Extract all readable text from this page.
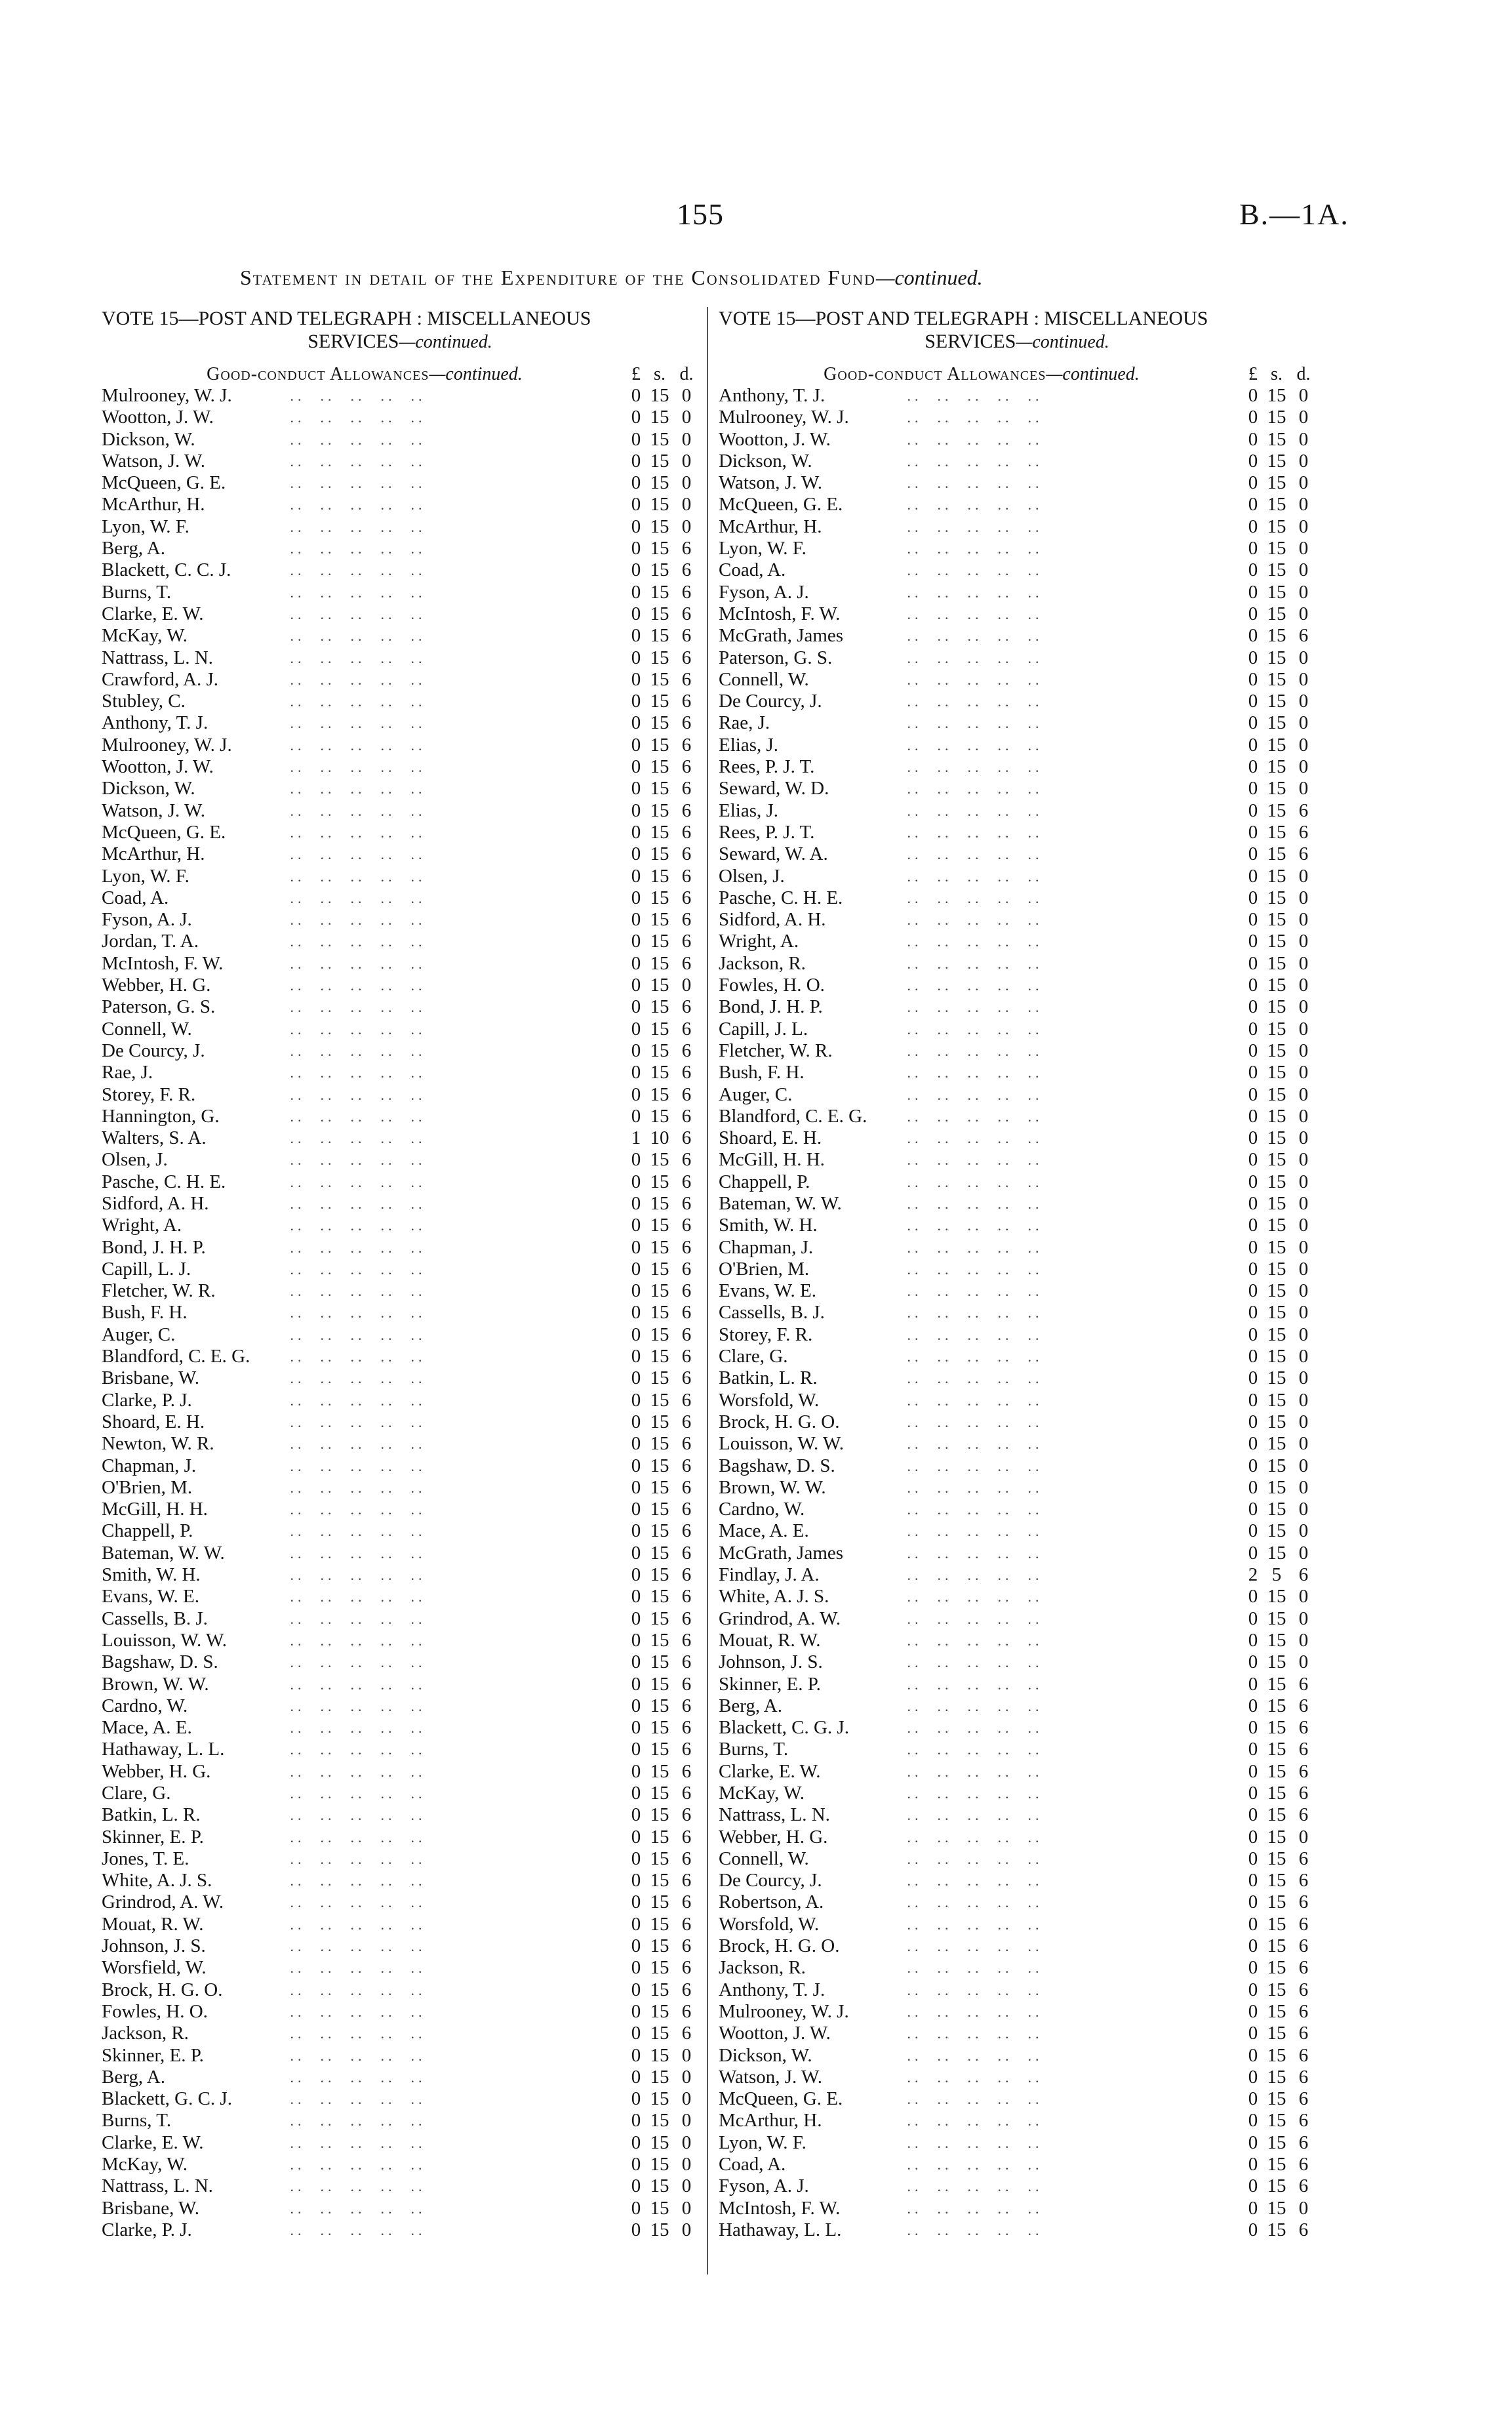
155	B.—1A.
Statement in detail of the Expenditure of the Consolidated Fund—continued.
VOTE 15—POST AND TELEGRAPH : MISCELLANEOUS
SERVICES—continued.
Good-conduct Allowances—continued.	£ s. d.
Mulrooney, W. J.	..  ..  ..  ..  ..	0 15 0
Wootton, J. W.	..  ..  ..  ..  ..	0 15 0
Dickson, W.	..  ..  ..  ..  ..	0 15 0
Watson, J. W.	..  ..  ..  ..  ..	0 15 0
McQueen, G. E.	..  ..  ..  ..  ..	0 15 0
McArthur, H.	..  ..  ..  ..  ..	0 15 0
Lyon, W. F.	..  ..  ..  ..  ..	0 15 0
Berg, A.	..  ..  ..  ..  ..	0 15 6
Blackett, C. C. J.	..  ..  ..  ..  ..	0 15 6
Burns, T.	..  ..  ..  ..  ..	0 15 6
Clarke, E. W.	..  ..  ..  ..  ..	0 15 6
McKay, W.	..  ..  ..  ..  ..	0 15 6
Nattrass, L. N.	..  ..  ..  ..  ..	0 15 6
Crawford, A. J.	..  ..  ..  ..  ..	0 15 6
Stubley, C.	..  ..  ..  ..  ..	0 15 6
Anthony, T. J.	..  ..  ..  ..  ..	0 15 6
Mulrooney, W. J.	..  ..  ..  ..  ..	0 15 6
Wootton, J. W.	..  ..  ..  ..  ..	0 15 6
Dickson, W.	..  ..  ..  ..  ..	0 15 6
Watson, J. W.	..  ..  ..  ..  ..	0 15 6
McQueen, G. E.	..  ..  ..  ..  ..	0 15 6
McArthur, H.	..  ..  ..  ..  ..	0 15 6
Lyon, W. F.	..  ..  ..  ..  ..	0 15 6
Coad, A.	..  ..  ..  ..  ..	0 15 6
Fyson, A. J.	..  ..  ..  ..  ..	0 15 6
Jordan, T. A.	..  ..  ..  ..  ..	0 15 6
McIntosh, F. W.	..  ..  ..  ..  ..	0 15 6
Webber, H. G.	..  ..  ..  ..  ..	0 15 0
Paterson, G. S.	..  ..  ..  ..  ..	0 15 6
Connell, W.	..  ..  ..  ..  ..	0 15 6
De Courcy, J.	..  ..  ..  ..  ..	0 15 6
Rae, J.	..  ..  ..  ..  ..	0 15 6
Storey, F. R.	..  ..  ..  ..  ..	0 15 6
Hannington, G.	..  ..  ..  ..  ..	0 15 6
Walters, S. A.	..  ..  ..  ..  ..	1 10 6
Olsen, J.	..  ..  ..  ..  ..	0 15 6
Pasche, C. H. E.	..  ..  ..  ..  ..	0 15 6
Sidford, A. H.	..  ..  ..  ..  ..	0 15 6
Wright, A.	..  ..  ..  ..  ..	0 15 6
Bond, J. H. P.	..  ..  ..  ..  ..	0 15 6
Capill, L. J.	..  ..  ..  ..  ..	0 15 6
Fletcher, W. R.	..  ..  ..  ..  ..	0 15 6
Bush, F. H.	..  ..  ..  ..  ..	0 15 6
Auger, C.	..  ..  ..  ..  ..	0 15 6
Blandford, C. E. G.	..  ..  ..  ..  ..	0 15 6
Brisbane, W.	..  ..  ..  ..  ..	0 15 6
Clarke, P. J.	..  ..  ..  ..  ..	0 15 6
Shoard, E. H.	..  ..  ..  ..  ..	0 15 6
Newton, W. R.	..  ..  ..  ..  ..	0 15 6
Chapman, J.	..  ..  ..  ..  ..	0 15 6
O'Brien, M.	..  ..  ..  ..  ..	0 15 6
McGill, H. H.	..  ..  ..  ..  ..	0 15 6
Chappell, P.	..  ..  ..  ..  ..	0 15 6
Bateman, W. W.	..  ..  ..  ..  ..	0 15 6
Smith, W. H.	..  ..  ..  ..  ..	0 15 6
Evans, W. E.	..  ..  ..  ..  ..	0 15 6
Cassells, B. J.	..  ..  ..  ..  ..	0 15 6
Louisson, W. W.	..  ..  ..  ..  ..	0 15 6
Bagshaw, D. S.	..  ..  ..  ..  ..	0 15 6
Brown, W. W.	..  ..  ..  ..  ..	0 15 6
Cardno, W.	..  ..  ..  ..  ..	0 15 6
Mace, A. E.	..  ..  ..  ..  ..	0 15 6
Hathaway, L. L.	..  ..  ..  ..  ..	0 15 6
Webber, H. G.	..  ..  ..  ..  ..	0 15 6
Clare, G.	..  ..  ..  ..  ..	0 15 6
Batkin, L. R.	..  ..  ..  ..  ..	0 15 6
Skinner, E. P.	..  ..  ..  ..  ..	0 15 6
Jones, T. E.	..  ..  ..  ..  ..	0 15 6
White, A. J. S.	..  ..  ..  ..  ..	0 15 6
Grindrod, A. W.	..  ..  ..  ..  ..	0 15 6
Mouat, R. W.	..  ..  ..  ..  ..	0 15 6
Johnson, J. S.	..  ..  ..  ..  ..	0 15 6
Worsfield, W.	..  ..  ..  ..  ..	0 15 6
Brock, H. G. O.	..  ..  ..  ..  ..	0 15 6
Fowles, H. O.	..  ..  ..  ..  ..	0 15 6
Jackson, R.	..  ..  ..  ..  ..	0 15 6
Skinner, E. P.	..  ..  ..  ..  ..	0 15 0
Berg, A.	..  ..  ..  ..  ..	0 15 0
Blackett, G. C. J.	..  ..  ..  ..  ..	0 15 0
Burns, T.	..  ..  ..  ..  ..	0 15 0
Clarke, E. W.	..  ..  ..  ..  ..	0 15 0
McKay, W.	..  ..  ..  ..  ..	0 15 0
Nattrass, L. N.	..  ..  ..  ..  ..	0 15 0
Brisbane, W.	..  ..  ..  ..  ..	0 15 0
Clarke, P. J.	..  ..  ..  ..  ..	0 15 0
VOTE 15—POST AND TELEGRAPH : MISCELLANEOUS
SERVICES—continued.
Good-conduct Allowances—continued.	£ s. d.
Anthony, T. J.	..  ..  ..  ..  ..	0 15 0
Mulrooney, W. J.	..  ..  ..  ..  ..	0 15 0
Wootton, J. W.	..  ..  ..  ..  ..	0 15 0
Dickson, W.	..  ..  ..  ..  ..	0 15 0
Watson, J. W.	..  ..  ..  ..  ..	0 15 0
McQueen, G. E.	..  ..  ..  ..  ..	0 15 0
McArthur, H.	..  ..  ..  ..  ..	0 15 0
Lyon, W. F.	..  ..  ..  ..  ..	0 15 0
Coad, A.	..  ..  ..  ..  ..	0 15 0
Fyson, A. J.	..  ..  ..  ..  ..	0 15 0
McIntosh, F. W.	..  ..  ..  ..  ..	0 15 0
McGrath, James	..  ..  ..  ..  ..	0 15 6
Paterson, G. S.	..  ..  ..  ..  ..	0 15 0
Connell, W.	..  ..  ..  ..  ..	0 15 0
De Courcy, J.	..  ..  ..  ..  ..	0 15 0
Rae, J.	..  ..  ..  ..  ..	0 15 0
Elias, J.	..  ..  ..  ..  ..	0 15 0
Rees, P. J. T.	..  ..  ..  ..  ..	0 15 0
Seward, W. D.	..  ..  ..  ..  ..	0 15 0
Elias, J.	..  ..  ..  ..  ..	0 15 6
Rees, P. J. T.	..  ..  ..  ..  ..	0 15 6
Seward, W. A.	..  ..  ..  ..  ..	0 15 6
Olsen, J.	..  ..  ..  ..  ..	0 15 0
Pasche, C. H. E.	..  ..  ..  ..  ..	0 15 0
Sidford, A. H.	..  ..  ..  ..  ..	0 15 0
Wright, A.	..  ..  ..  ..  ..	0 15 0
Jackson, R.	..  ..  ..  ..  ..	0 15 0
Fowles, H. O.	..  ..  ..  ..  ..	0 15 0
Bond, J. H. P.	..  ..  ..  ..  ..	0 15 0
Capill, J. L.	..  ..  ..  ..  ..	0 15 0
Fletcher, W. R.	..  ..  ..  ..  ..	0 15 0
Bush, F. H.	..  ..  ..  ..  ..	0 15 0
Auger, C.	..  ..  ..  ..  ..	0 15 0
Blandford, C. E. G.	..  ..  ..  ..  ..	0 15 0
Shoard, E. H.	..  ..  ..  ..  ..	0 15 0
McGill, H. H.	..  ..  ..  ..  ..	0 15 0
Chappell, P.	..  ..  ..  ..  ..	0 15 0
Bateman, W. W.	..  ..  ..  ..  ..	0 15 0
Smith, W. H.	..  ..  ..  ..  ..	0 15 0
Chapman, J.	..  ..  ..  ..  ..	0 15 0
O'Brien, M.	..  ..  ..  ..  ..	0 15 0
Evans, W. E.	..  ..  ..  ..  ..	0 15 0
Cassells, B. J.	..  ..  ..  ..  ..	0 15 0
Storey, F. R.	..  ..  ..  ..  ..	0 15 0
Clare, G.	..  ..  ..  ..  ..	0 15 0
Batkin, L. R.	..  ..  ..  ..  ..	0 15 0
Worsfold, W.	..  ..  ..  ..  ..	0 15 0
Brock, H. G. O.	..  ..  ..  ..  ..	0 15 0
Louisson, W. W.	..  ..  ..  ..  ..	0 15 0
Bagshaw, D. S.	..  ..  ..  ..  ..	0 15 0
Brown, W. W.	..  ..  ..  ..  ..	0 15 0
Cardno, W.	..  ..  ..  ..  ..	0 15 0
Mace, A. E.	..  ..  ..  ..  ..	0 15 0
McGrath, James	..  ..  ..  ..  ..	0 15 0
Findlay, J. A.	..  ..  ..  ..  ..	2 5 6
White, A. J. S.	..  ..  ..  ..  ..	0 15 0
Grindrod, A. W.	..  ..  ..  ..  ..	0 15 0
Mouat, R. W.	..  ..  ..  ..  ..	0 15 0
Johnson, J. S.	..  ..  ..  ..  ..	0 15 0
Skinner, E. P.	..  ..  ..  ..  ..	0 15 6
Berg, A.	..  ..  ..  ..  ..	0 15 6
Blackett, C. G. J.	..  ..  ..  ..  ..	0 15 6
Burns, T.	..  ..  ..  ..  ..	0 15 6
Clarke, E. W.	..  ..  ..  ..  ..	0 15 6
McKay, W.	..  ..  ..  ..  ..	0 15 6
Nattrass, L. N.	..  ..  ..  ..  ..	0 15 6
Webber, H. G.	..  ..  ..  ..  ..	0 15 0
Connell, W.	..  ..  ..  ..  ..	0 15 6
De Courcy, J.	..  ..  ..  ..  ..	0 15 6
Robertson, A.	..  ..  ..  ..  ..	0 15 6
Worsfold, W.	..  ..  ..  ..  ..	0 15 6
Brock, H. G. O.	..  ..  ..  ..  ..	0 15 6
Jackson, R.	..  ..  ..  ..  ..	0 15 6
Anthony, T. J.	..  ..  ..  ..  ..	0 15 6
Mulrooney, W. J.	..  ..  ..  ..  ..	0 15 6
Wootton, J. W.	..  ..  ..  ..  ..	0 15 6
Dickson, W.	..  ..  ..  ..  ..	0 15 6
Watson, J. W.	..  ..  ..  ..  ..	0 15 6
McQueen, G. E.	..  ..  ..  ..  ..	0 15 6
McArthur, H.	..  ..  ..  ..  ..	0 15 6
Lyon, W. F.	..  ..  ..  ..  ..	0 15 6
Coad, A.	..  ..  ..  ..  ..	0 15 6
Fyson, A. J.	..  ..  ..  ..  ..	0 15 6
McIntosh, F. W.	..  ..  ..  ..  ..	0 15 0
Hathaway, L. L.	..  ..  ..  ..  ..	0 15 6
